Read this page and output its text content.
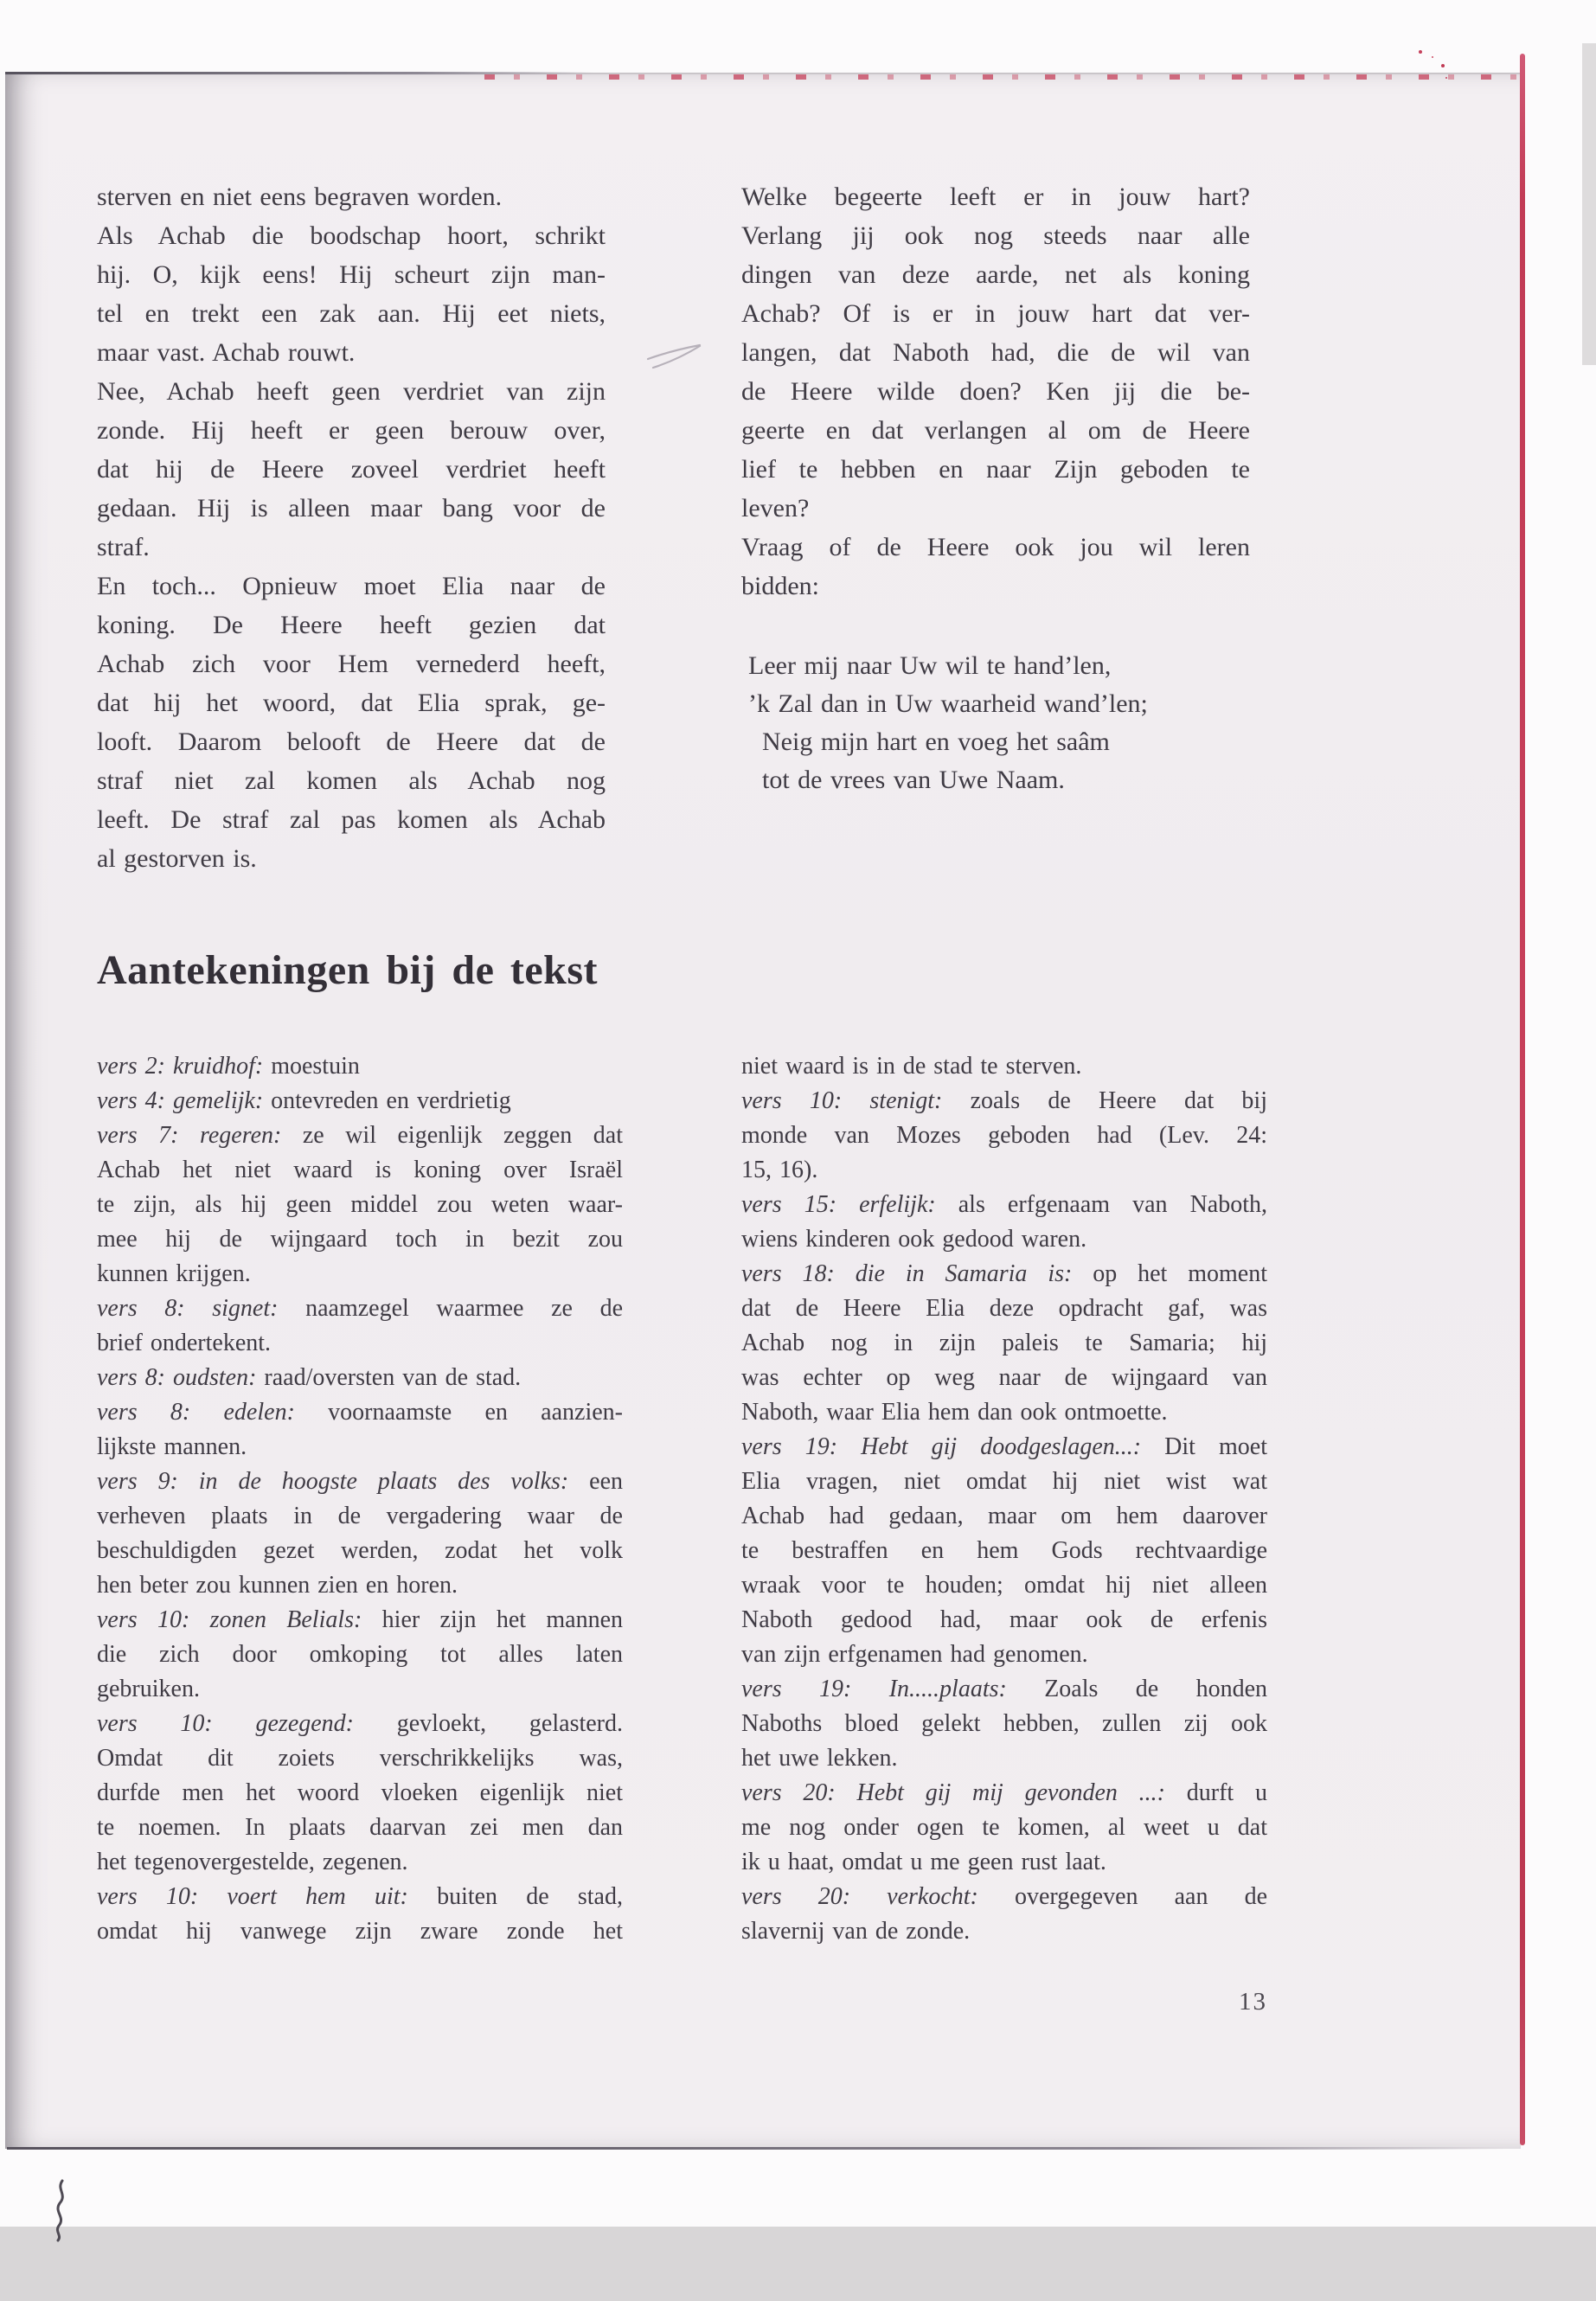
sterven en niet eens begraven worden.
Als Achab die boodschap hoort, schrikt
hij. O, kijk eens! Hij scheurt zijn man-
tel en trekt een zak aan. Hij eet niets,
maar vast. Achab rouwt.
Nee, Achab heeft geen verdriet van zijn
zonde. Hij heeft er geen berouw over,
dat hij de Heere zoveel verdriet heeft
gedaan. Hij is alleen maar bang voor de
straf.
En toch... Opnieuw moet Elia naar de
koning. De Heere heeft gezien dat
Achab zich voor Hem vernederd heeft,
dat hij het woord, dat Elia sprak, ge-
looft. Daarom belooft de Heere dat de
straf niet zal komen als Achab nog
leeft. De straf zal pas komen als Achab
al gestorven is.
Welke begeerte leeft er in jouw hart?
Verlang jij ook nog steeds naar alle
dingen van deze aarde, net als koning
Achab? Of is er in jouw hart dat ver-
langen, dat Naboth had, die de wil van
de Heere wilde doen? Ken jij die be-
geerte en dat verlangen al om de Heere
lief te hebben en naar Zijn geboden te
leven?
Vraag of de Heere ook jou wil leren
bidden:
Leer mij naar Uw wil te hand’len,
’k Zal dan in Uw waarheid wand’len;
Neig mijn hart en voeg het saâm
tot de vrees van Uwe Naam.
Aantekeningen bij de tekst
vers 2: kruidhof: moestuin
vers 4: gemelijk: ontevreden en verdrietig
vers 7: regeren: ze wil eigenlijk zeggen dat
Achab het niet waard is koning over Israël
te zijn, als hij geen middel zou weten waar-
mee hij de wijngaard toch in bezit zou
kunnen krijgen.
vers 8: signet: naamzegel waarmee ze de
brief ondertekent.
vers 8: oudsten: raad/oversten van de stad.
vers 8: edelen: voornaamste en aanzien-
lijkste mannen.
vers 9: in de hoogste plaats des volks: een
verheven plaats in de vergadering waar de
beschuldigden gezet werden, zodat het volk
hen beter zou kunnen zien en horen.
vers 10: zonen Belials: hier zijn het mannen
die zich door omkoping tot alles laten
gebruiken.
vers 10: gezegend: gevloekt, gelasterd.
Omdat dit zoiets verschrikkelijks was,
durfde men het woord vloeken eigenlijk niet
te noemen. In plaats daarvan zei men dan
het tegenovergestelde, zegenen.
vers 10: voert hem uit: buiten de stad,
omdat hij vanwege zijn zware zonde het
niet waard is in de stad te sterven.
vers 10: stenigt: zoals de Heere dat bij
monde van Mozes geboden had (Lev. 24:
15, 16).
vers 15: erfelijk: als erfgenaam van Naboth,
wiens kinderen ook gedood waren.
vers 18: die in Samaria is: op het moment
dat de Heere Elia deze opdracht gaf, was
Achab nog in zijn paleis te Samaria; hij
was echter op weg naar de wijngaard van
Naboth, waar Elia hem dan ook ontmoette.
vers 19: Hebt gij doodgeslagen...: Dit moet
Elia vragen, niet omdat hij niet wist wat
Achab had gedaan, maar om hem daarover
te bestraffen en hem Gods rechtvaardige
wraak voor te houden; omdat hij niet alleen
Naboth gedood had, maar ook de erfenis
van zijn erfgenamen had genomen.
vers 19: In.....plaats: Zoals de honden
Naboths bloed gelekt hebben, zullen zij ook
het uwe lekken.
vers 20: Hebt gij mij gevonden ...: durft u
me nog onder ogen te komen, al weet u dat
ik u haat, omdat u me geen rust laat.
vers 20: verkocht: overgegeven aan de
slavernij van de zonde.
13
